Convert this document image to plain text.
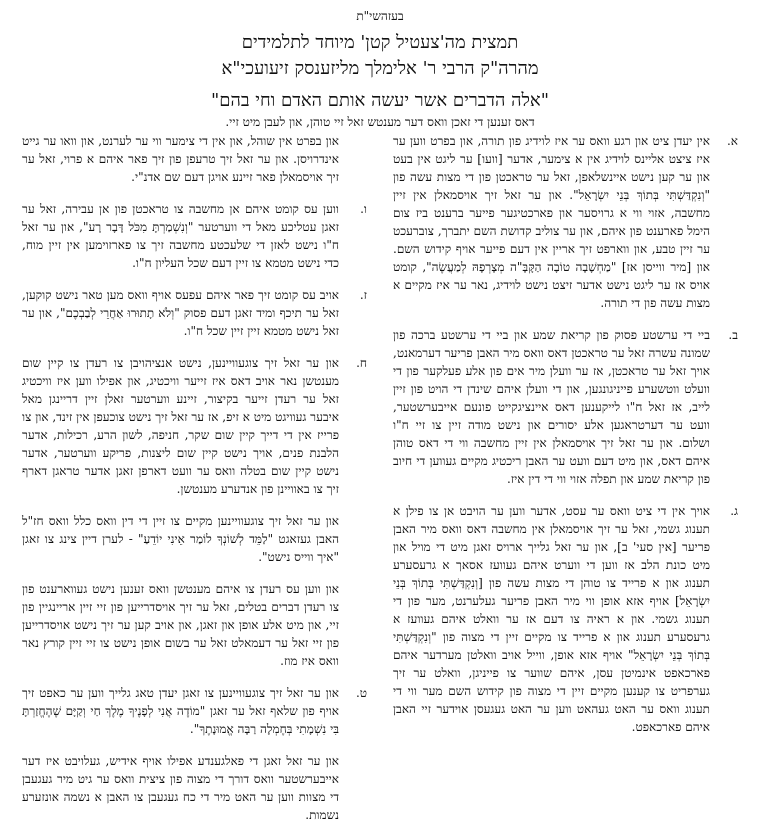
בעזהשי"ת
תמצית מה'צעטיל קטן' מיוחד לתלמידים
מהרה"ק הרבי ר' אלימלך מליזענסק זיעועכי"א
"אלה הדברים אשר יעשה אותם האדם וחי בהם"
דאס זענען די זאכן וואס דער מענטש זאל זיי טוהן, און לעבן מיט זיי.
א.
אין יעדן ציט און רגע וואס ער איז לוידיג פון תורה, און בפרט ווען ער איז ציצט אליינס לוידיג אין א צימער, אדער [וועו] ער ליגט אין בעט און ער קען נישט איינשלאפן, זאל ער טראכטן פון די מצות עשה פון "וְנִקְדַּשְׁתִּי בְּתוֹךְ בְּנֵי יִשְׂרָאֵל". און ער זאל זיך אויסמאלן אין זיין מחשבה, אזוי ווי א גרויסער און פארכטיגער פייער ברענט ביז צום הימל פארענט פון איהם, און ער צוליב קדושת השם יתברך, צוברעכט ער זיין טבע, און ווארפט זיך אריין אין דעם פייער אויף קידוש השם. און [מיר ווייסן אז] "מַחְשָׁבָה טוֹבָה הַקָּבָּ"ה מְצָרְפָהּ לְמַעֲשֶׂה", קומט אויס אז ער ליגט נישט אדער זיצט נישט לוידיג, נאר ער איז מקיים א מצות עשה פון די תורה.
ב.
ביי די ערשטע פסוק פון קריאת שמע און ביי די ערשטע ברכה פון שמונה עשרה זאל ער טראכטן דאס וואס מיר האבן פריער דערמאנט, אויך זאל ער טראכטן, אז ער וועלן מיר אים פון אלע פעלקער פון די וועלט ווטשערע פייניגונגען, און די וועלן איהם שינדן די הויט פון זיין לייב, אז זאל ח"ו לייקענען דאס איינציגקייט פונעם אייבערשטער, וועט ער דערטראגען אלע יסורים און נישט מודה זיין צו זיי ח"ו ושלום. און ער זאל זיך אויסמאלן אין זיין מחשבה ווי די דאס טוהן איהם דאס, און מיט דעם וועט ער האבן ריכטיג מקיים געווען די חיוב פון קריאת שמע און תפלה אזוי ווי די דין איז.
ג.
אויך אין די ציט וואס ער עסט, אדער ווען ער הויבט אן צו פילן א תענוג גשמי, זאל ער זיך אויסמאלן אין מחשבה דאס וואס מיר האבן פריער [אין סעי' ב], און ער זאל גלייך ארויס זאגן מיט די מויל און מיט כונת הלב אז ווען די ווערט איהם געוועז אסאך א גרעסערע תענוג און א פרייד צו טוהן די מצות עשה פון [וְנִקְדַּשְׁתִּי בְּתוֹךְ בְּנֵי יִשְׂרָאֵל] אויף אזא אופן ווי מיר האבן פריער געלערנט, מער פון די תענוג גשמי. און א ראיה צו דעם אז ער וואלט איהם געוועז א גרעסערע תענוג און א פרייד צו מקיים זיין די מצוה פון "וְנִקְדַּשְׁתִּי בְּתוֹךְ בְּנֵי יִשְׂרָאֵל" אויף אזא אופן, ווייל אויב וואלטן מערדער איהם פארכאפט אינמיטן עסן, איהם שווער צו פייניגן, וואלט ער זיך גערפריט צו קענען מקיים זיין די מצוה פון קידוש השם מער ווי די תענוג וואס ער האט געהאט ווען ער האט געגעסן אוידער זיי האבן איהם פארכאפט.
און בפרט אין שוהל, און אין די צימער ווי ער לערנט, און וואו ער גייט אינדרויסן. און ער זאל זיך טרעפן פון זיך פאר איהם א פרוי, זאל ער זיך אויסמאלן פאר זיינע אויגן דעם שם אדנ"י.
ו.
ווען עס קומט איהם אן מחשבה צו טראכטן פון אן עבירה, זאל ער זאגן עטליכע מאל די ווערטער "וְנִשְׁמַרְתָּ מִכֹּל דָּבָר רָע", און ער זאל ח"ו נישט לאזן די שלעכטע מחשבה זיך צו פארזוימען אין זיין מוח, כדי נישט מטמא צו זיין דעם שכל העליון ח"ו.
ז.
אויב עס קומט זיך פאר איהם עפעס אויף וואס מען טאר נישט קוקען, זאל ער תיכף ומיד זאגן דעם פסוק "וְלֹא תָתוּרוּ אַחֲרֵי לְבַבְכֶם", און ער זאל נישט מטמא זיין זיין שכל ח"ו.
ח.
און ער זאל זיך צוגעוויינען, נישט אנציהויבן צו רעדן צו קיין שום מענטשן נאר אויב דאס איז זייער וויכטיג, און אפילו ווען איז וויכטיג זאל ער רעדן זייער בקיצור, זיינע ווערטער זאלן זיין דריינגן מאל איבער געוויגט מיט א זיפ, אז ער זאל זיך נישט צוכעפן אין זינד, און צו פרייז אין די דייך קיין שום שקר, חניפה, לשון הרע, רכילות, אדער הלבנת פנים, אויך נישט קיין שום ליצנות, פריקע ווערטער, אדער נישט קיין שום בטלה וואס ער וועט דארפן זאגן אדער טראגן דארף זיך צו באוויינן פון אנדערע מענטשן.
און ער זאל זיך צוגעוויינען מקיים צו זיין די דין וואס כלל וואס חז"ל האבן געזאגט "לַמֵּד לְשׁוֹנְךָ לוֹמַר אֵינִי יוֹדֵעַ" - לערן דיין צינג צו זאגן "איך ווייס נישט".
און ווען עס רעדן צו איהם מענטשן וואס זענען נישט געווארענט פון צו רעדן דברים בטלים, זאל ער זיך אויסדרייען פון זיי זיין אריינגיין פון זיי, און מיט אלע אופן און זאגן, און אויב קען ער זיך נישט אויסדרייען פון זיי זאל ער דעמאלט זאל ער בשום אופן נישט צו זיי זיין קורץ נאר וואס איז מוז.
ט.
און ער זאל זיך צוגעוויינען צו זאגן יעדן טאג גלייך ווען ער כאפט זיך אויף פון שלאף זאל ער זאגן "מוֹדֶה אֲנִי לְפָנֶיךָ מֶלֶךְ חַי וְקַיָּם שֶׁהֶחֱזַרְתָּ בִּי נִשְׁמָתִי בְּחֶמְלָה רַבָּה אֱמוּנָתֶךָ".
און ער זאל זאגן די פאלגענדע אפילו אויף אידיש, געלויבט איז דער אייבערשטער וואס דורך די מצוה פון ציצית וואס ער גיט מיר געגעבן די מצוות ווען ער האט מיר די כח געגעבן צו האבן א נשמה אונזערע נשמות.
